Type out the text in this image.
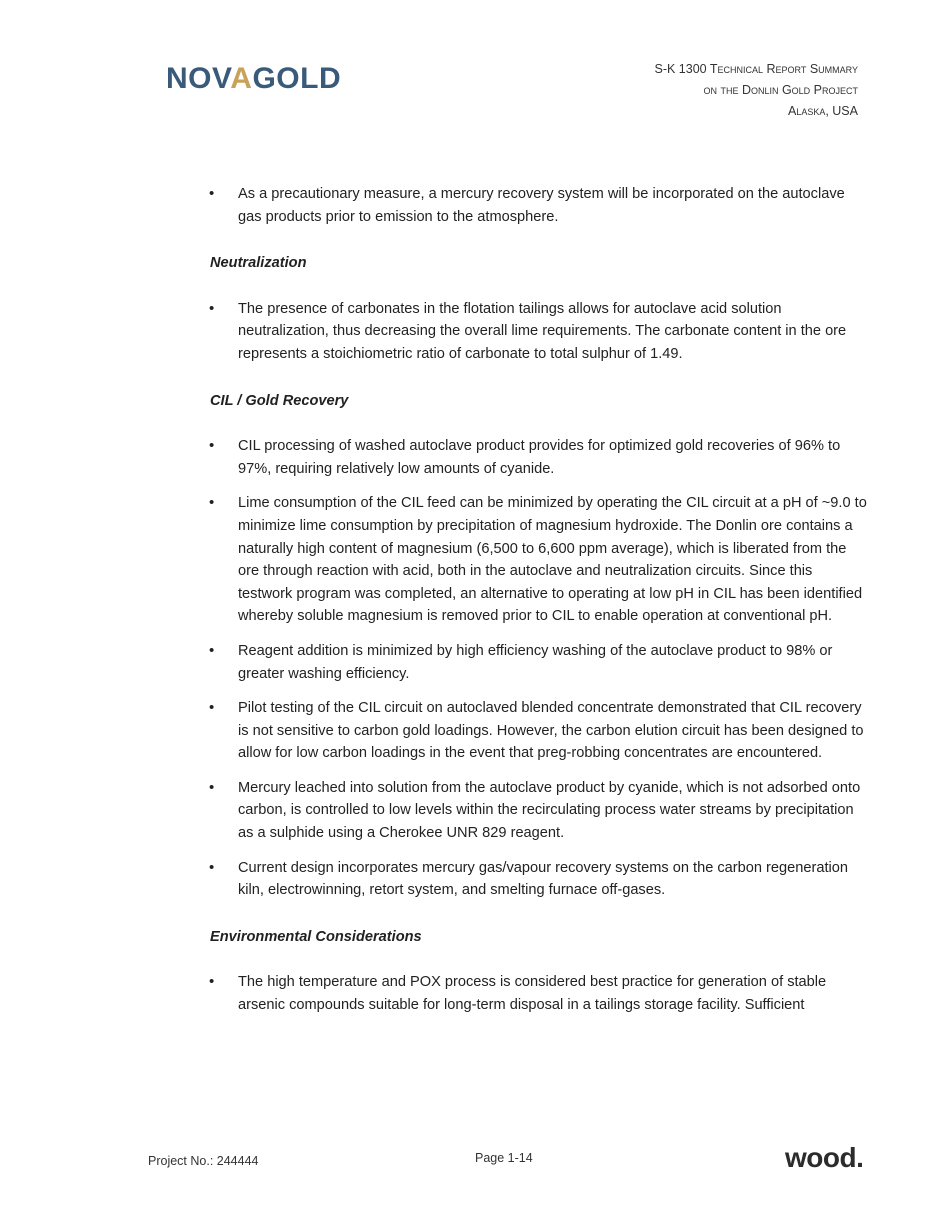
NOVAGOLD	S-K 1300 Technical Report Summary
on the Donlin Gold Project
Alaska, USA
• As a precautionary measure, a mercury recovery system will be incorporated on the autoclave gas products prior to emission to the atmosphere.
Neutralization
• The presence of carbonates in the flotation tailings allows for autoclave acid solution neutralization, thus decreasing the overall lime requirements. The carbonate content in the ore represents a stoichiometric ratio of carbonate to total sulphur of 1.49.
CIL / Gold Recovery
• CIL processing of washed autoclave product provides for optimized gold recoveries of 96% to 97%, requiring relatively low amounts of cyanide.
• Lime consumption of the CIL feed can be minimized by operating the CIL circuit at a pH of ~9.0 to minimize lime consumption by precipitation of magnesium hydroxide. The Donlin ore contains a naturally high content of magnesium (6,500 to 6,600 ppm average), which is liberated from the ore through reaction with acid, both in the autoclave and neutralization circuits. Since this testwork program was completed, an alternative to operating at low pH in CIL has been identified whereby soluble magnesium is removed prior to CIL to enable operation at conventional pH.
• Reagent addition is minimized by high efficiency washing of the autoclave product to 98% or greater washing efficiency.
• Pilot testing of the CIL circuit on autoclaved blended concentrate demonstrated that CIL recovery is not sensitive to carbon gold loadings. However, the carbon elution circuit has been designed to allow for low carbon loadings in the event that preg-robbing concentrates are encountered.
• Mercury leached into solution from the autoclave product by cyanide, which is not adsorbed onto carbon, is controlled to low levels within the recirculating process water streams by precipitation as a sulphide using a Cherokee UNR 829 reagent.
• Current design incorporates mercury gas/vapour recovery systems on the carbon regeneration kiln, electrowinning, retort system, and smelting furnace off-gases.
Environmental Considerations
• The high temperature and POX process is considered best practice for generation of stable arsenic compounds suitable for long-term disposal in a tailings storage facility. Sufficient
Project No.: 244444	Page 1-14	wood.
